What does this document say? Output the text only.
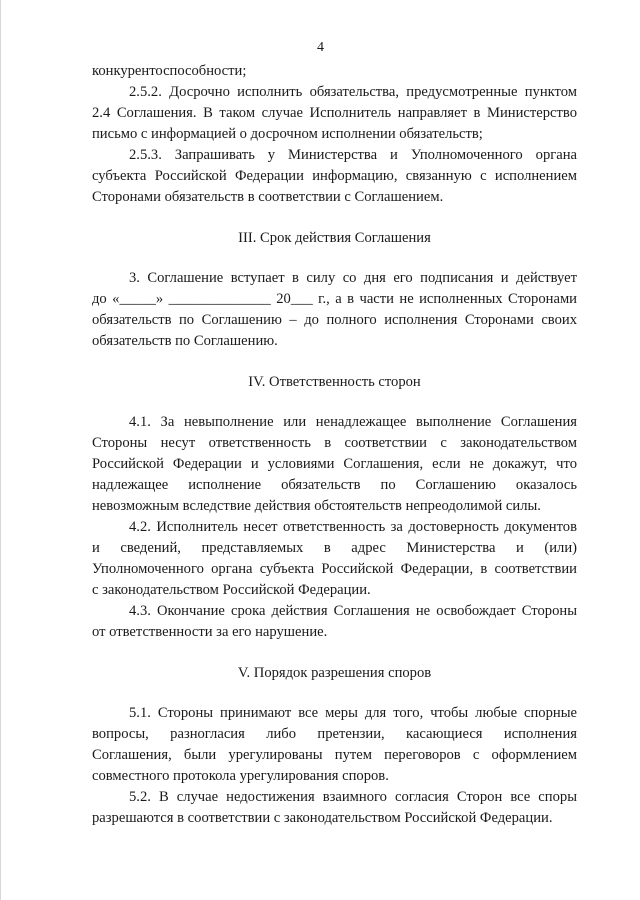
4
конкурентоспособности;
2.5.2. Досрочно исполнить обязательства, предусмотренные пунктом
2.4 Соглашения. В таком случае Исполнитель направляет в Министерство
письмо с информацией о досрочном исполнении обязательств;
2.5.3. Запрашивать у Министерства и Уполномоченного органа
субъекта Российской Федерации информацию, связанную с исполнением
Сторонами обязательств в соответствии с Соглашением.
III. Срок действия Соглашения
3. Соглашение вступает в силу со дня его подписания и действует
до «_____» ______________ 20___ г., а в части не исполненных Сторонами
обязательств по Соглашению – до полного исполнения Сторонами своих
обязательств по Соглашению.
IV. Ответственность сторон
4.1. За невыполнение или ненадлежащее выполнение Соглашения
Стороны несут ответственность в соответствии с законодательством
Российской Федерации и условиями Соглашения, если не докажут, что
надлежащее исполнение обязательств по Соглашению оказалось
невозможным вследствие действия обстоятельств непреодолимой силы.
4.2. Исполнитель несет ответственность за достоверность документов
и сведений, представляемых в адрес Министерства и (или)
Уполномоченного органа субъекта Российской Федерации, в соответствии
с законодательством Российской Федерации.
4.3. Окончание срока действия Соглашения не освобождает Стороны
от ответственности за его нарушение.
V. Порядок разрешения споров
5.1. Стороны принимают все меры для того, чтобы любые спорные
вопросы, разногласия либо претензии, касающиеся исполнения
Соглашения, были урегулированы путем переговоров с оформлением
совместного протокола урегулирования споров.
5.2. В случае недостижения взаимного согласия Сторон все споры
разрешаются в соответствии с законодательством Российской Федерации.
